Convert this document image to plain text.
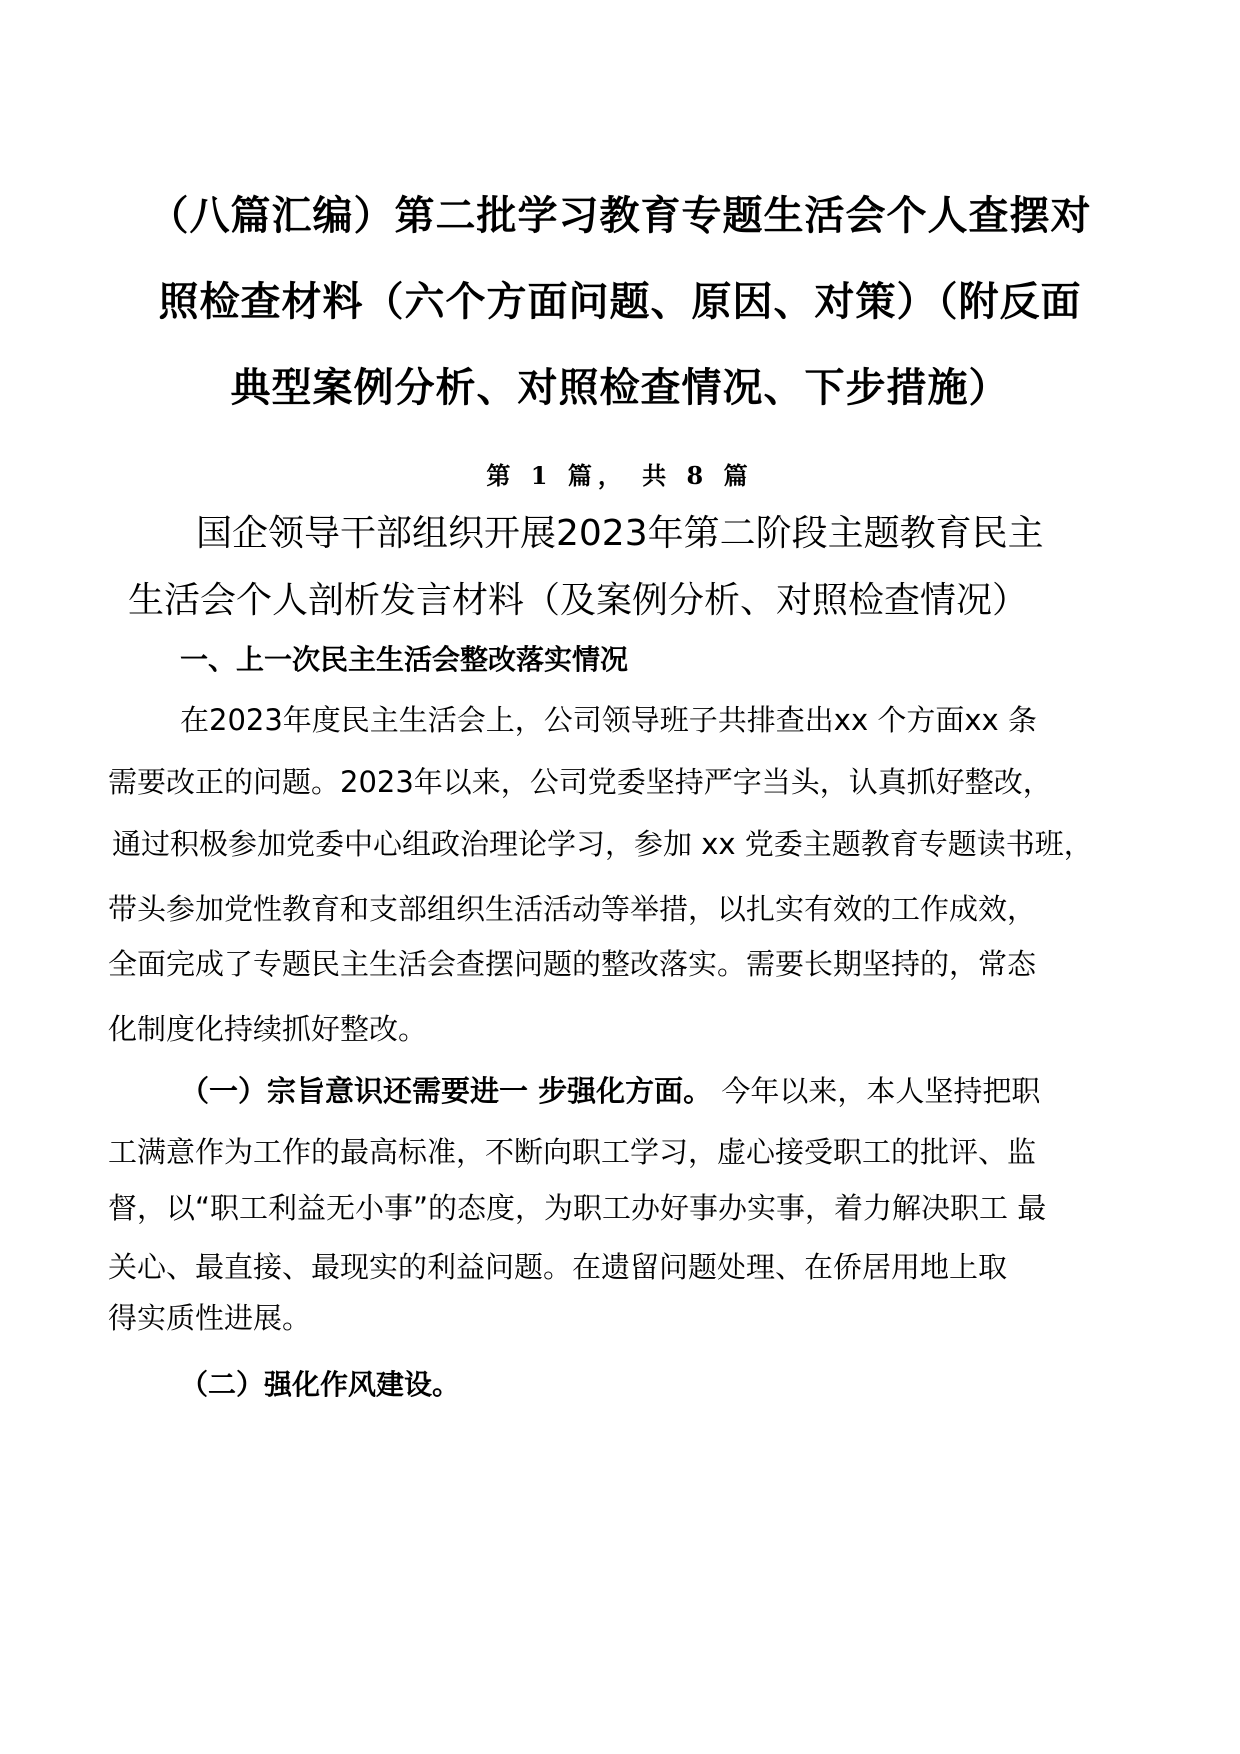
（八篇汇编）第二批学习教育专题生活会个人查摆对
照检查材料（六个方面问题、原因、对策）（附反面
典型案例分析、对照检查情况、下步措施）
第 1 篇， 共 8 篇
国企领导干部组织开展2023年第二阶段主题教育民主
生活会个人剖析发言材料（及案例分析、对照检查情况）
一、上一次民主生活会整改落实情况
在2023年度民主生活会上，公司领导班子共排查出xx 个方面xx 条
需要改正的问题。2023年以来，公司党委坚持严字当头，认真抓好整改，
通过积极参加党委中心组政治理论学习，参加 xx 党委主题教育专题读书班，
带头参加党性教育和支部组织生活活动等举措，以扎实有效的工作成效，
全面完成了专题民主生活会查摆问题的整改落实。需要长期坚持的，常态
化制度化持续抓好整改。
（一）宗旨意识还需要进一 步强化方面。 今年以来，本人坚持把职
工满意作为工作的最高标准，不断向职工学习，虚心接受职工的批评、监
督，以“职工利益无小事”的态度，为职工办好事办实事，着力解决职工 最
关心、最直接、最现实的利益问题。在遗留问题处理、在侨居用地上取
得实质性进展。
（二）强化作风建设。
